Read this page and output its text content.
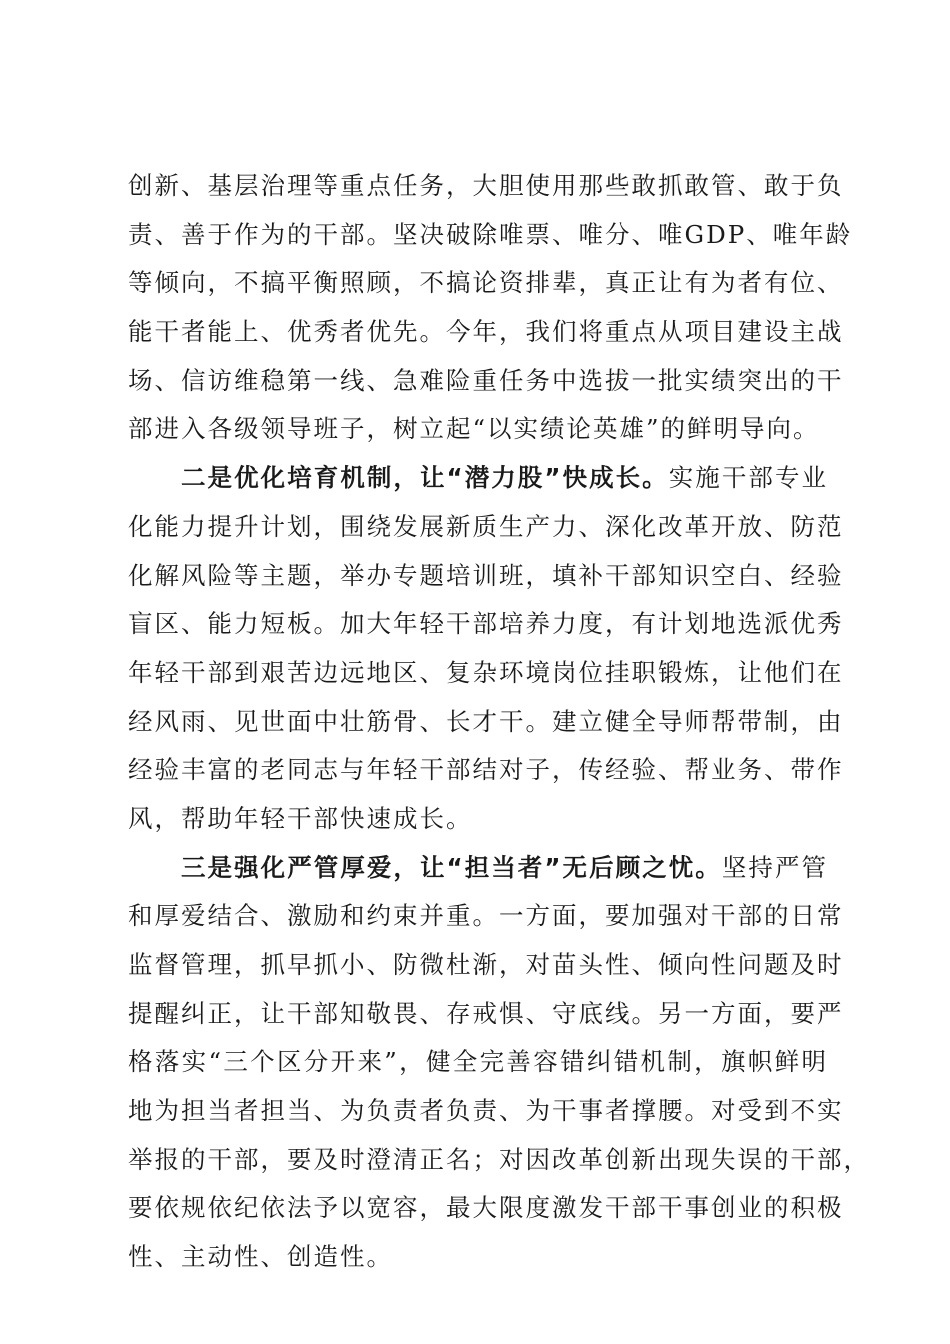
创新、基层治理等重点任务，大胆使用那些敢抓敢管、敢于负
责、善于作为的干部。坚决破除唯票、唯分、唯GDP、唯年龄
等倾向，不搞平衡照顾，不搞论资排辈，真正让有为者有位、
能干者能上、优秀者优先。今年，我们将重点从项目建设主战
场、信访维稳第一线、急难险重任务中选拔一批实绩突出的干
部进入各级领导班子，树立起“以实绩论英雄”的鲜明导向。
二是优化培育机制，让“潜力股”快成长。实施干部专业
化能力提升计划，围绕发展新质生产力、深化改革开放、防范
化解风险等主题，举办专题培训班，填补干部知识空白、经验
盲区、能力短板。加大年轻干部培养力度，有计划地选派优秀
年轻干部到艰苦边远地区、复杂环境岗位挂职锻炼，让他们在
经风雨、见世面中壮筋骨、长才干。建立健全导师帮带制，由
经验丰富的老同志与年轻干部结对子，传经验、帮业务、带作
风，帮助年轻干部快速成长。
三是强化严管厚爱，让“担当者”无后顾之忧。坚持严管
和厚爱结合、激励和约束并重。一方面，要加强对干部的日常
监督管理，抓早抓小、防微杜渐，对苗头性、倾向性问题及时
提醒纠正，让干部知敬畏、存戒惧、守底线。另一方面，要严
格落实“三个区分开来”，健全完善容错纠错机制，旗帜鲜明
地为担当者担当、为负责者负责、为干事者撑腰。对受到不实
举报的干部，要及时澄清正名；对因改革创新出现失误的干部，
要依规依纪依法予以宽容，最大限度激发干部干事创业的积极
性、主动性、创造性。
